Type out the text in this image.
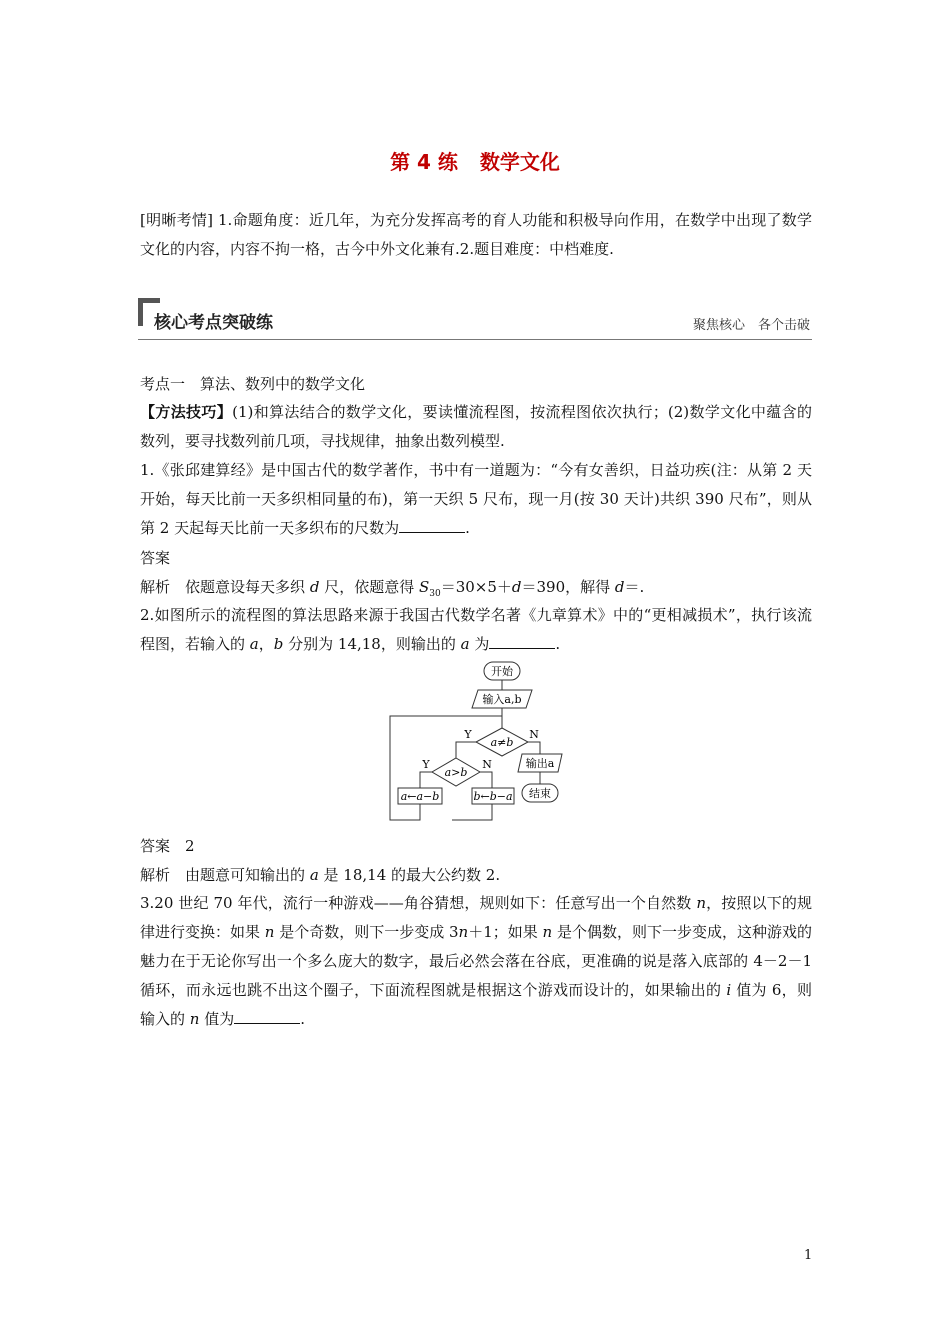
第 4 练 数学文化
[明晰考情] 1.命题角度：近几年，为充分发挥高考的育人功能和积极导向作用，在数学中出现了数学文化的内容，内容不拘一格，古今中外文化兼有.2.题目难度：中档难度.
核心考点突破练	聚焦核心　各个击破
考点一　算法、数列中的数学文化
【方法技巧】(1)和算法结合的数学文化，要读懂流程图，按流程图依次执行；(2)数学文化中蕴含的数列，要寻找数列前几项，寻找规律，抽象出数列模型.
1.《张邱建算经》是中国古代的数学著作，书中有一道题为：“今有女善织，日益功疾(注：从第 2 天开始，每天比前一天多织相同量的布)，第一天织 5 尺布，现一月(按 30 天计)共织 390 尺布”，则从第 2 天起每天比前一天多织布的尺数为	.
答案
解析　 依题意设每天多织 d 尺，依题意得 $S_{30}=30\times 5+d=390$，解得 d＝.
2.如图所示的流程图的算法思路来源于我国古代数学名著《九章算术》中的“更相减损术”，执行该流程图，若输入的 a，b 分别为 14,18，则输出的 a 为	.
开始
输入a,b
a≠b
Y	N
输出a
结束
a>b
Y	N
a←a−b	b←b−a
答案　 2
解析　 由题意可知输出的 a 是 18,14 的最大公约数 2.
3.20 世纪 70 年代，流行一种游戏——角谷猜想，规则如下：任意写出一个自然数 n，按照以下的规律进行变换：如果 n 是个奇数，则下一步变成 3n＋1；如果 n 是个偶数，则下一步变成，这种游戏的魅力在于无论你写出一个多么庞大的数字，最后必然会落在谷底，更准确的说是落入底部的 4－2－1 循环，而永远也跳不出这个圈子，下面流程图就是根据这个游戏而设计的，如果输出的 i 值为 6，则输入的 n 值为	.
1
